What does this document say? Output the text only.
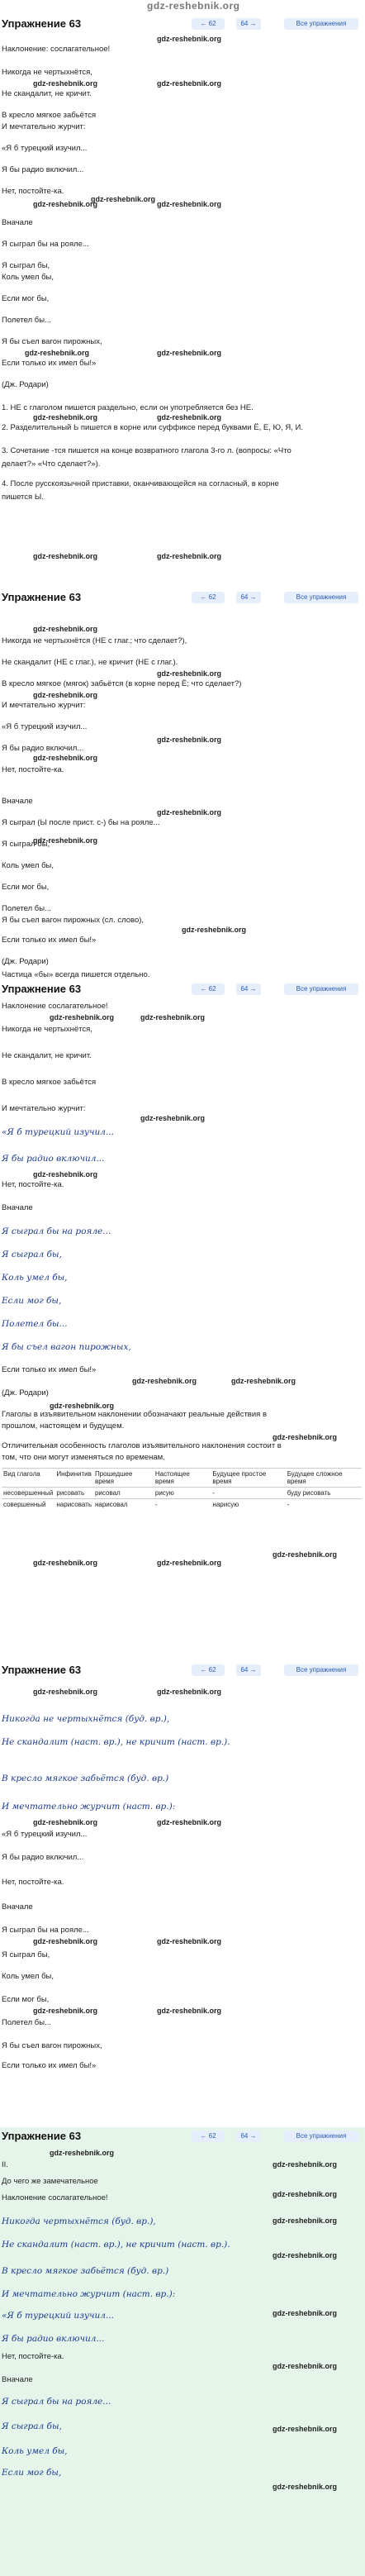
gdz-reshebnik.org
Упражнение 63	← 62	64 →	Все упражнения
Наклонение: сослагательное!
Никогда не чертыхнётся,
Не скандалит, не кричит.
В кресло мягкое забьётся
И мечтательно журчит:
«Я б турецкий изучил...
Я бы радио включил...
Нет, постойте-ка.
Вначале
Я сыграл бы на рояле...
Я сыграл бы,
Коль умел бы,
Если мог бы,
Полетел бы...
Я бы съел вагон пирожных,
Если только их имел бы!»
(Дж. Родари)
1. НЕ с глаголом пишется раздельно, если он употребляется без НЕ.
2. Разделительный Ь пишется в корне или суффиксе перед буквами Ё, Е, Ю, Я, И.
3. Сочетание -тся пишется на конце возвратного глагола 3-го л. (вопросы: «Что
делает?» «Что сделает?»).
4. После русскоязычной приставки, оканчивающейся на согласный, в корне
пишется Ы.
gdz-reshebnik.org
gdz-reshebnik.org
gdz-reshebnik.org
gdz-reshebnik.org
gdz-reshebnik.org	gdz-reshebnik.org
gdz-reshebnik.org	gdz-reshebnik.org
gdz-reshebnik.org	gdz-reshebnik.org
gdz-reshebnik.org	gdz-reshebnik.org
Упражнение 63	← 62	64 →	Все упражнения
Никогда не чертыхнётся (НЕ с глаг.; что сделает?),
Не скандалит (НЕ с глаг.), не кричит (НЕ с глаг.).
В кресло мягкое (мягок) забьётся (в корне перед Ё; что сделает?)
И мечтательно журчит:
«Я б турецкий изучил...
Я бы радио включил...
Нет, постойте-ка.
Вначале
Я сыграл (Ы после прист. с-) бы на рояле...
Я сыграл бы,
Коль умел бы,
Если мог бы,
Полетел бы...
Я бы съел вагон пирожных (сл. слово),
Если только их имел бы!»
(Дж. Родари)
Частица «бы» всегда пишется отдельно.
gdz-reshebnik.org
gdz-reshebnik.org
gdz-reshebnik.org
gdz-reshebnik.org
gdz-reshebnik.org
gdz-reshebnik.org
gdz-reshebnik.org
gdz-reshebnik.org
Упражнение 63	← 62	64 →	Все упражнения
Наклонение сослагательное!
Никогда не чертыхнётся,
Не скандалит, не кричит.
В кресло мягкое забьётся
И мечтательно журчит:
«Я б турецкий изучил...
Я бы радио включил...
Нет, постойте-ка.
Вначале
Я сыграл бы на рояле...
Я сыграл бы,
Коль умел бы,
Если мог бы,
Полетел бы...
Я бы съел вагон пирожных,
Если только их имел бы!»
(Дж. Родари)
Глаголы в изъявительном наклонении обозначают реальные действия в
прошлом, настоящем и будущем.
Отличительная особенность глаголов изъявительного наклонения состоит в
том, что они могут изменяться по временам.
Вид глагола	Инфинитив	Прошедшее время	Настоящее время	Будущее простое время	Будущее сложное время
несовершенный	рисовать	рисовал	рисую	-	буду рисовать
совершенный	нарисовать	нарисовал	-	нарисую	-
gdz-reshebnik.org	gdz-reshebnik.org
gdz-reshebnik.org
gdz-reshebnik.org
gdz-reshebnik.org	gdz-reshebnik.org
gdz-reshebnik.org
gdz-reshebnik.org
gdz-reshebnik.org
gdz-reshebnik.org	gdz-reshebnik.org
Упражнение 63	← 62	64 →	Все упражнения
Никогда не чертыхнётся (буд. вр.),
Не скандалит (наст. вр.), не кричит (наст. вр.).
В кресло мягкое забьётся (буд. вр.)
И мечтательно журчит (наст. вр.):
«Я б турецкий изучил...
Я бы радио включил...
Нет, постойте-ка.
Вначале
Я сыграл бы на рояле...
Я сыграл бы,
Коль умел бы,
Если мог бы,
Полетел бы...
Я бы съел вагон пирожных,
Если только их имел бы!»
gdz-reshebnik.org	gdz-reshebnik.org
gdz-reshebnik.org	gdz-reshebnik.org
gdz-reshebnik.org	gdz-reshebnik.org
gdz-reshebnik.org	gdz-reshebnik.org
Упражнение 63	← 62	64 →	Все упражнения
II.
До чего же замечательное
Наклонение сослагательное!
Никогда чертыхнётся (буд. вр.),
Не скандалит (наст. вр.), не кричит (наст. вр.).
В кресло мягкое забьётся (буд. вр.)
И мечтательно журчит (наст. вр.):
«Я б турецкий изучил...
Я бы радио включил...
Нет, постойте-ка.
Вначале
Я сыграл бы на рояле...
Я сыграл бы,
Коль умел бы,
Если мог бы,
gdz-reshebnik.org
gdz-reshebnik.org
gdz-reshebnik.org
gdz-reshebnik.org
gdz-reshebnik.org
gdz-reshebnik.org
gdz-reshebnik.org
gdz-reshebnik.org
gdz-reshebnik.org
